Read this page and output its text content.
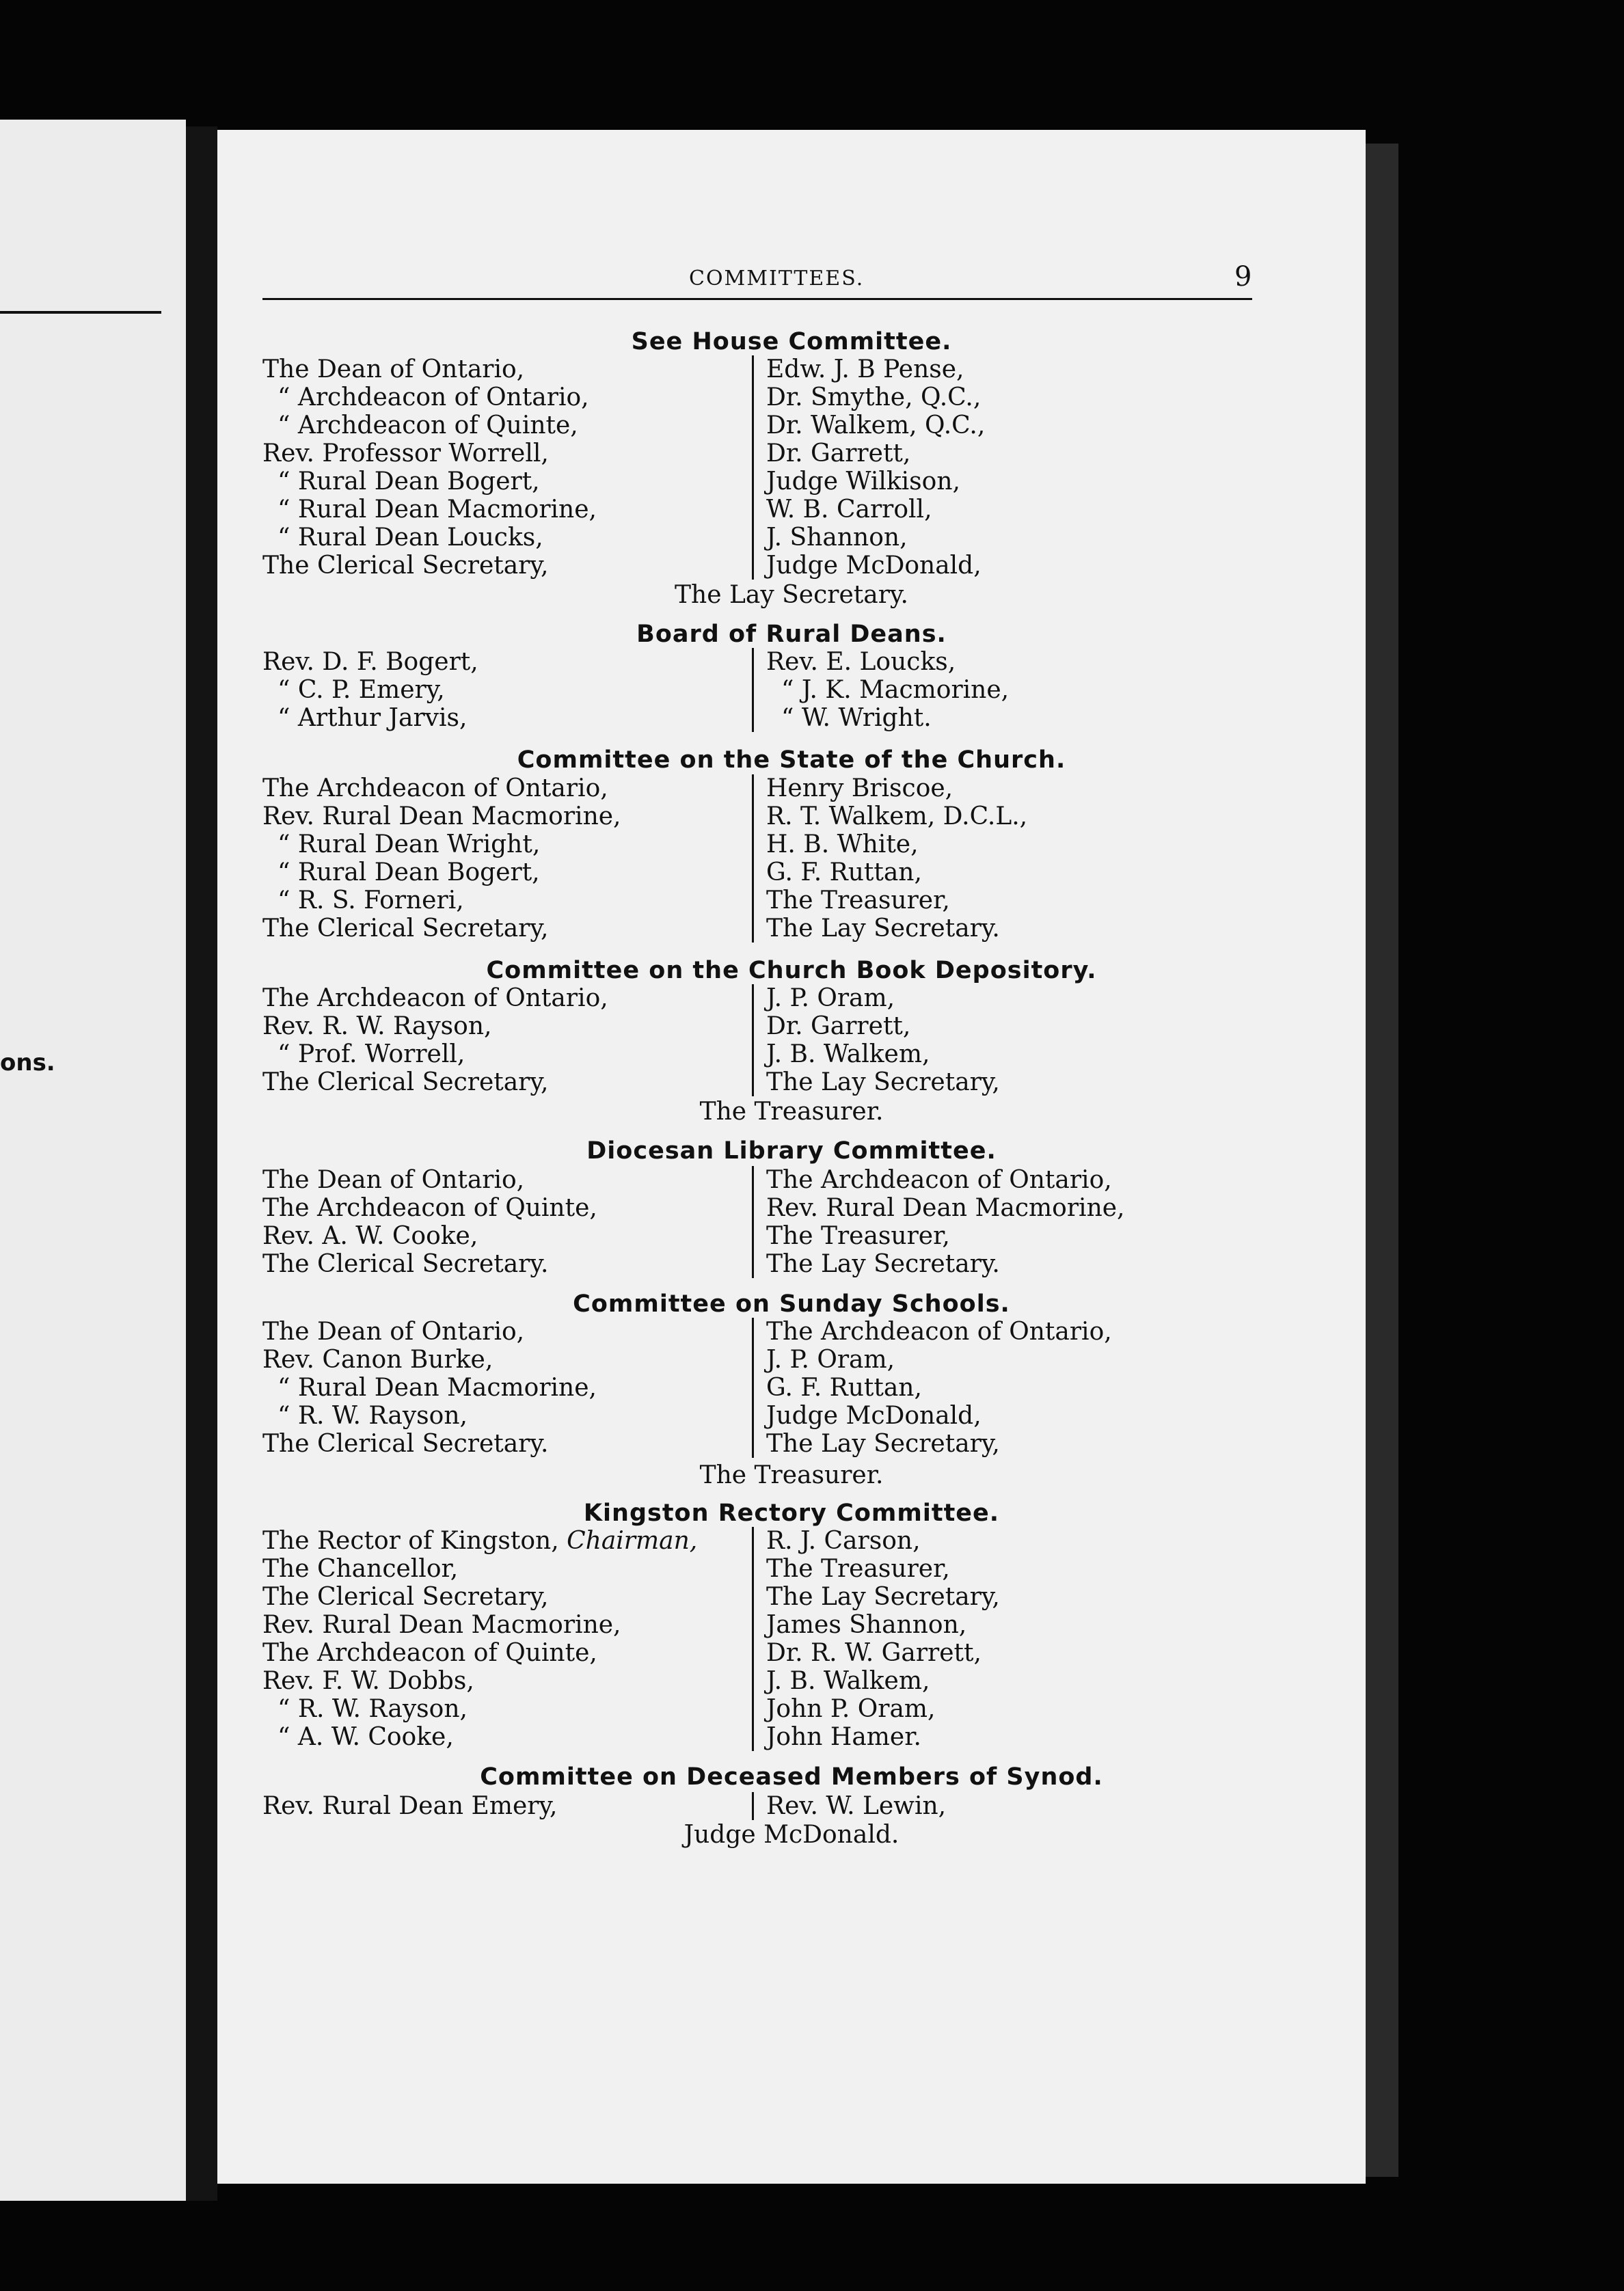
ons.
COMMITTEES.	9
See House Committee.
The Dean of Ontario,
“ Archdeacon of Ontario,
“ Archdeacon of Quinte,
Rev. Professor Worrell,
“ Rural Dean Bogert,
“ Rural Dean Macmorine,
“ Rural Dean Loucks,
The Clerical Secretary,
Edw. J. B Pense,
Dr. Smythe, Q.C.,
Dr. Walkem, Q.C.,
Dr. Garrett,
Judge Wilkison,
W. B. Carroll,
J. Shannon,
Judge McDonald,
The Lay Secretary.
Board of Rural Deans.
Rev. D. F. Bogert,
“ C. P. Emery,
“ Arthur Jarvis,
Rev. E. Loucks,
“ J. K. Macmorine,
“ W. Wright.
Committee on the State of the Church.
The Archdeacon of Ontario,
Rev. Rural Dean Macmorine,
“ Rural Dean Wright,
“ Rural Dean Bogert,
“ R. S. Forneri,
The Clerical Secretary,
Henry Briscoe,
R. T. Walkem, D.C.L.,
H. B. White,
G. F. Ruttan,
The Treasurer,
The Lay Secretary.
Committee on the Church Book Depository.
The Archdeacon of Ontario,
Rev. R. W. Rayson,
“ Prof. Worrell,
The Clerical Secretary,
J. P. Oram,
Dr. Garrett,
J. B. Walkem,
The Lay Secretary,
The Treasurer.
Diocesan Library Committee.
The Dean of Ontario,
The Archdeacon of Quinte,
Rev. A. W. Cooke,
The Clerical Secretary.
The Archdeacon of Ontario,
Rev. Rural Dean Macmorine,
The Treasurer,
The Lay Secretary.
Committee on Sunday Schools.
The Dean of Ontario,
Rev. Canon Burke,
“ Rural Dean Macmorine,
“ R. W. Rayson,
The Clerical Secretary.
The Archdeacon of Ontario,
J. P. Oram,
G. F. Ruttan,
Judge McDonald,
The Lay Secretary,
The Treasurer.
Kingston Rectory Committee.
The Rector of Kingston, Chairman,
The Chancellor,
The Clerical Secretary,
Rev. Rural Dean Macmorine,
The Archdeacon of Quinte,
Rev. F. W. Dobbs,
“ R. W. Rayson,
“ A. W. Cooke,
R. J. Carson,
The Treasurer,
The Lay Secretary,
James Shannon,
Dr. R. W. Garrett,
J. B. Walkem,
John P. Oram,
John Hamer.
Committee on Deceased Members of Synod.
Rev. Rural Dean Emery,	Rev. W. Lewin,
Judge McDonald.
